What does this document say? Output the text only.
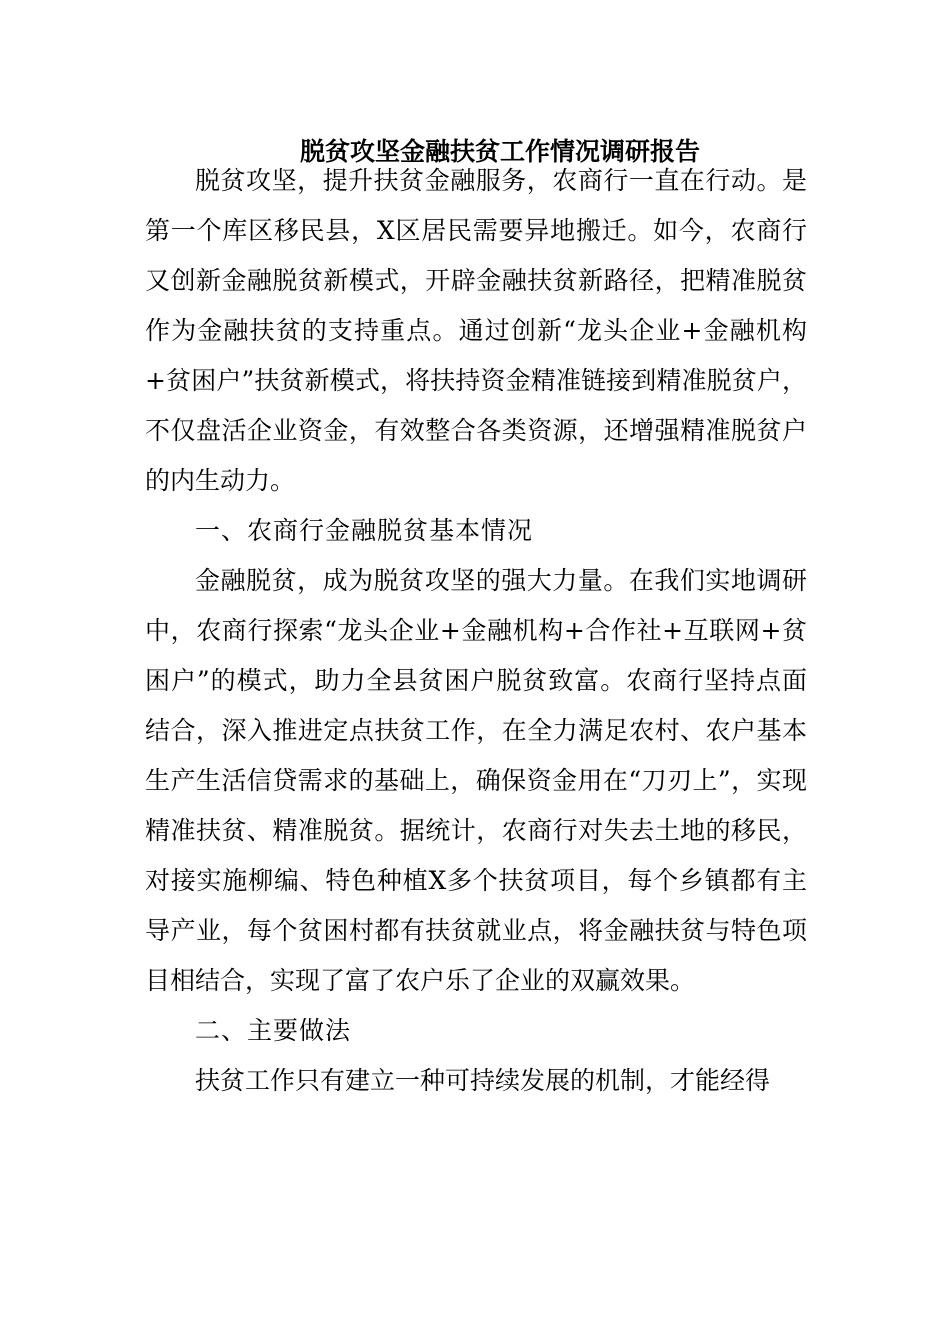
脱贫攻坚金融扶贫工作情况调研报告

脱贫攻坚，提升扶贫金融服务，农商行一直在行动。是第一个库区移民县，X区居民需要异地搬迁。如今，农商行又创新金融脱贫新模式，开辟金融扶贫新路径，把精准脱贫作为金融扶贫的支持重点。通过创新“龙头企业+金融机构+贫困户”扶贫新模式，将扶持资金精准链接到精准脱贫户，不仅盘活企业资金，有效整合各类资源，还增强精准脱贫户的内生动力。

一、农商行金融脱贫基本情况

金融脱贫，成为脱贫攻坚的强大力量。在我们实地调研中，农商行探索“龙头企业+金融机构+合作社+互联网+贫困户”的模式，助力全县贫困户脱贫致富。农商行坚持点面结合，深入推进定点扶贫工作，在全力满足农村、农户基本生产生活信贷需求的基础上，确保资金用在“刀刃上”，实现精准扶贫、精准脱贫。据统计，农商行对失去土地的移民，对接实施柳编、特色种植X多个扶贫项目，每个乡镇都有主导产业，每个贫困村都有扶贫就业点，将金融扶贫与特色项目相结合，实现了富了农户乐了企业的双赢效果。

二、主要做法

扶贫工作只有建立一种可持续发展的机制，才能经得
